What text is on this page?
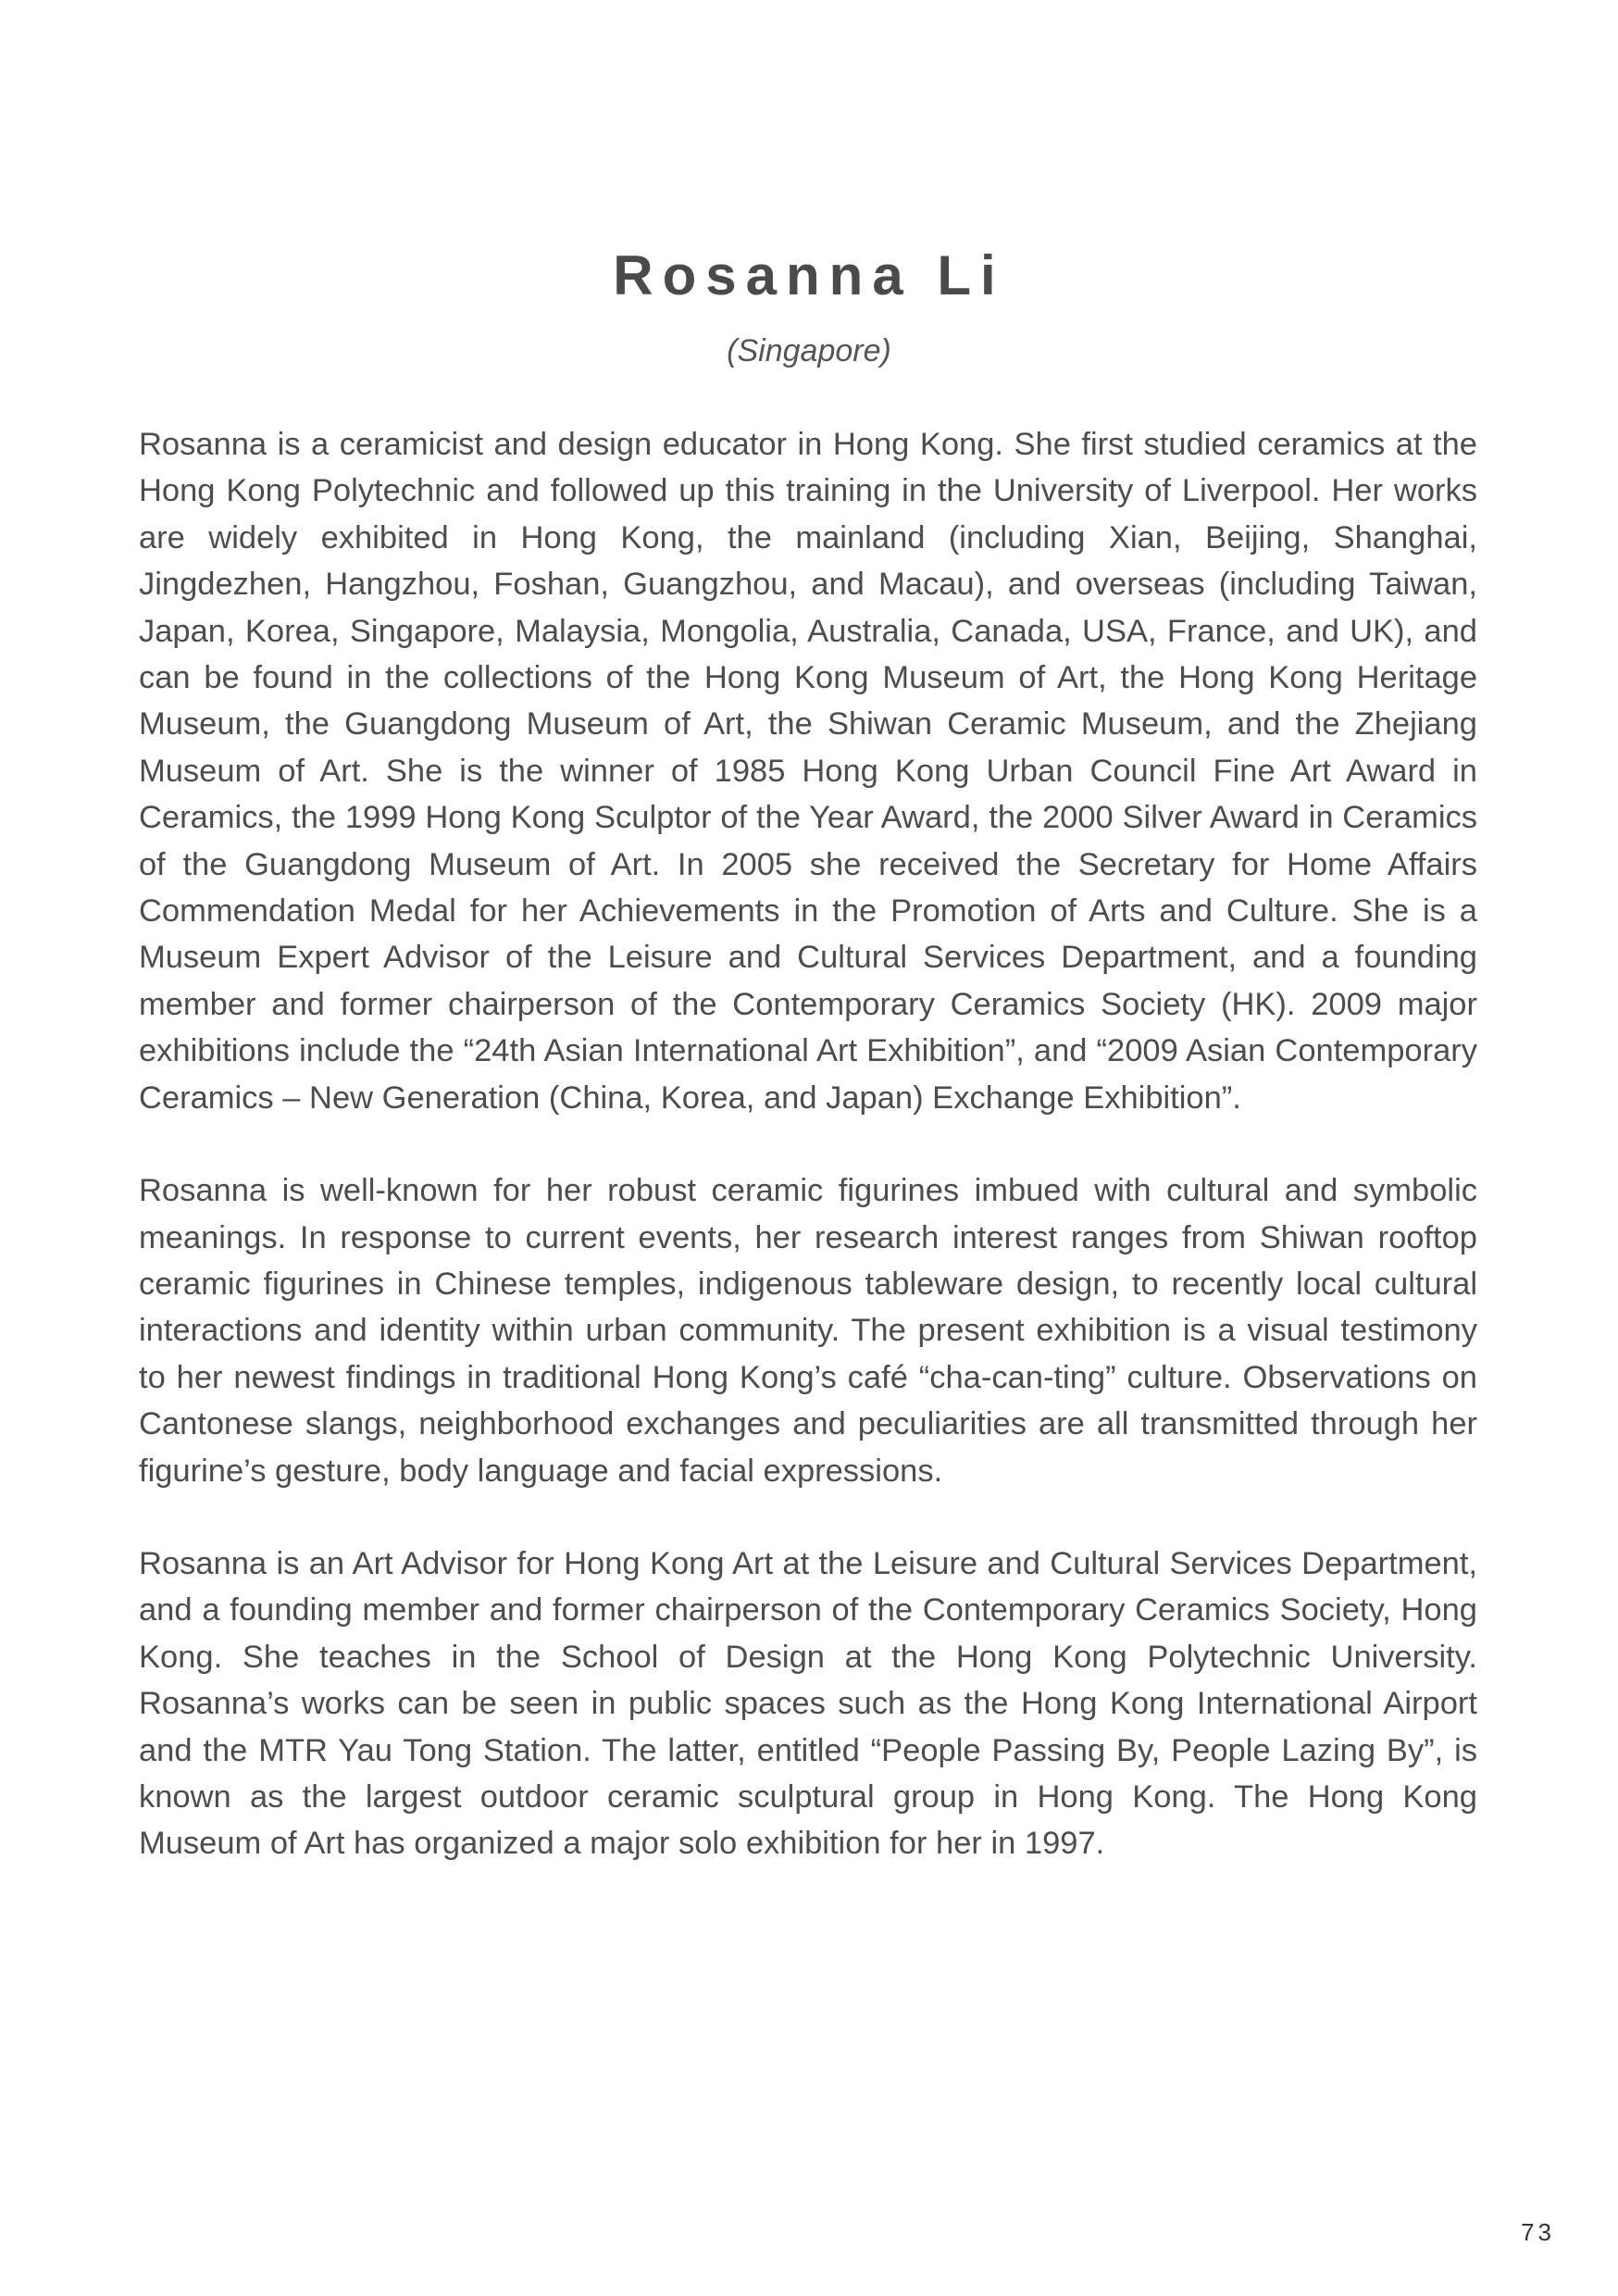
Rosanna Li

(Singapore)

Rosanna is a ceramicist and design educator in Hong Kong. She first studied ceramics at the Hong Kong Polytechnic and followed up this training in the University of Liverpool. Her works are widely exhibited in Hong Kong, the mainland (including Xian, Beijing, Shanghai, Jingdezhen, Hangzhou, Foshan, Guangzhou, and Macau), and overseas (including Taiwan, Japan, Korea, Singapore, Malaysia, Mongolia, Australia, Canada, USA, France, and UK), and can be found in the collections of the Hong Kong Museum of Art, the Hong Kong Heritage Museum, the Guangdong Museum of Art, the Shiwan Ceramic Museum, and the Zhejiang Museum of Art. She is the winner of 1985 Hong Kong Urban Council Fine Art Award in Ceramics, the 1999 Hong Kong Sculptor of the Year Award, the 2000 Silver Award in Ceramics of the Guangdong Museum of Art. In 2005 she received the Secretary for Home Affairs Commendation Medal for her Achievements in the Promotion of Arts and Culture. She is a Museum Expert Advisor of the Leisure and Cultural Services Department, and a founding member and former chairperson of the Contemporary Ceramics Society (HK). 2009 major exhibitions include the “24th Asian International Art Exhibition”, and “2009 Asian Contemporary Ceramics – New Generation (China, Korea, and Japan) Exchange Exhibition”.

Rosanna is well-known for her robust ceramic figurines imbued with cultural and symbolic meanings. In response to current events, her research interest ranges from Shiwan rooftop ceramic figurines in Chinese temples, indigenous tableware design, to recently local cultural interactions and identity within urban community. The present exhibition is a visual testimony to her newest findings in traditional Hong Kong’s café “cha-can-ting” culture. Observations on Cantonese slangs, neighborhood exchanges and peculiarities are all transmitted through her figurine’s gesture, body language and facial expressions.

Rosanna is an Art Advisor for Hong Kong Art at the Leisure and Cultural Services Department, and a founding member and former chairperson of the Contemporary Ceramics Society, Hong Kong. She teaches in the School of Design at the Hong Kong Polytechnic University. Rosanna’s works can be seen in public spaces such as the Hong Kong International Airport and the MTR Yau Tong Station. The latter, entitled “People Passing By, People Lazing By”, is known as the largest outdoor ceramic sculptural group in Hong Kong. The Hong Kong Museum of Art has organized a major solo exhibition for her in 1997.

73
